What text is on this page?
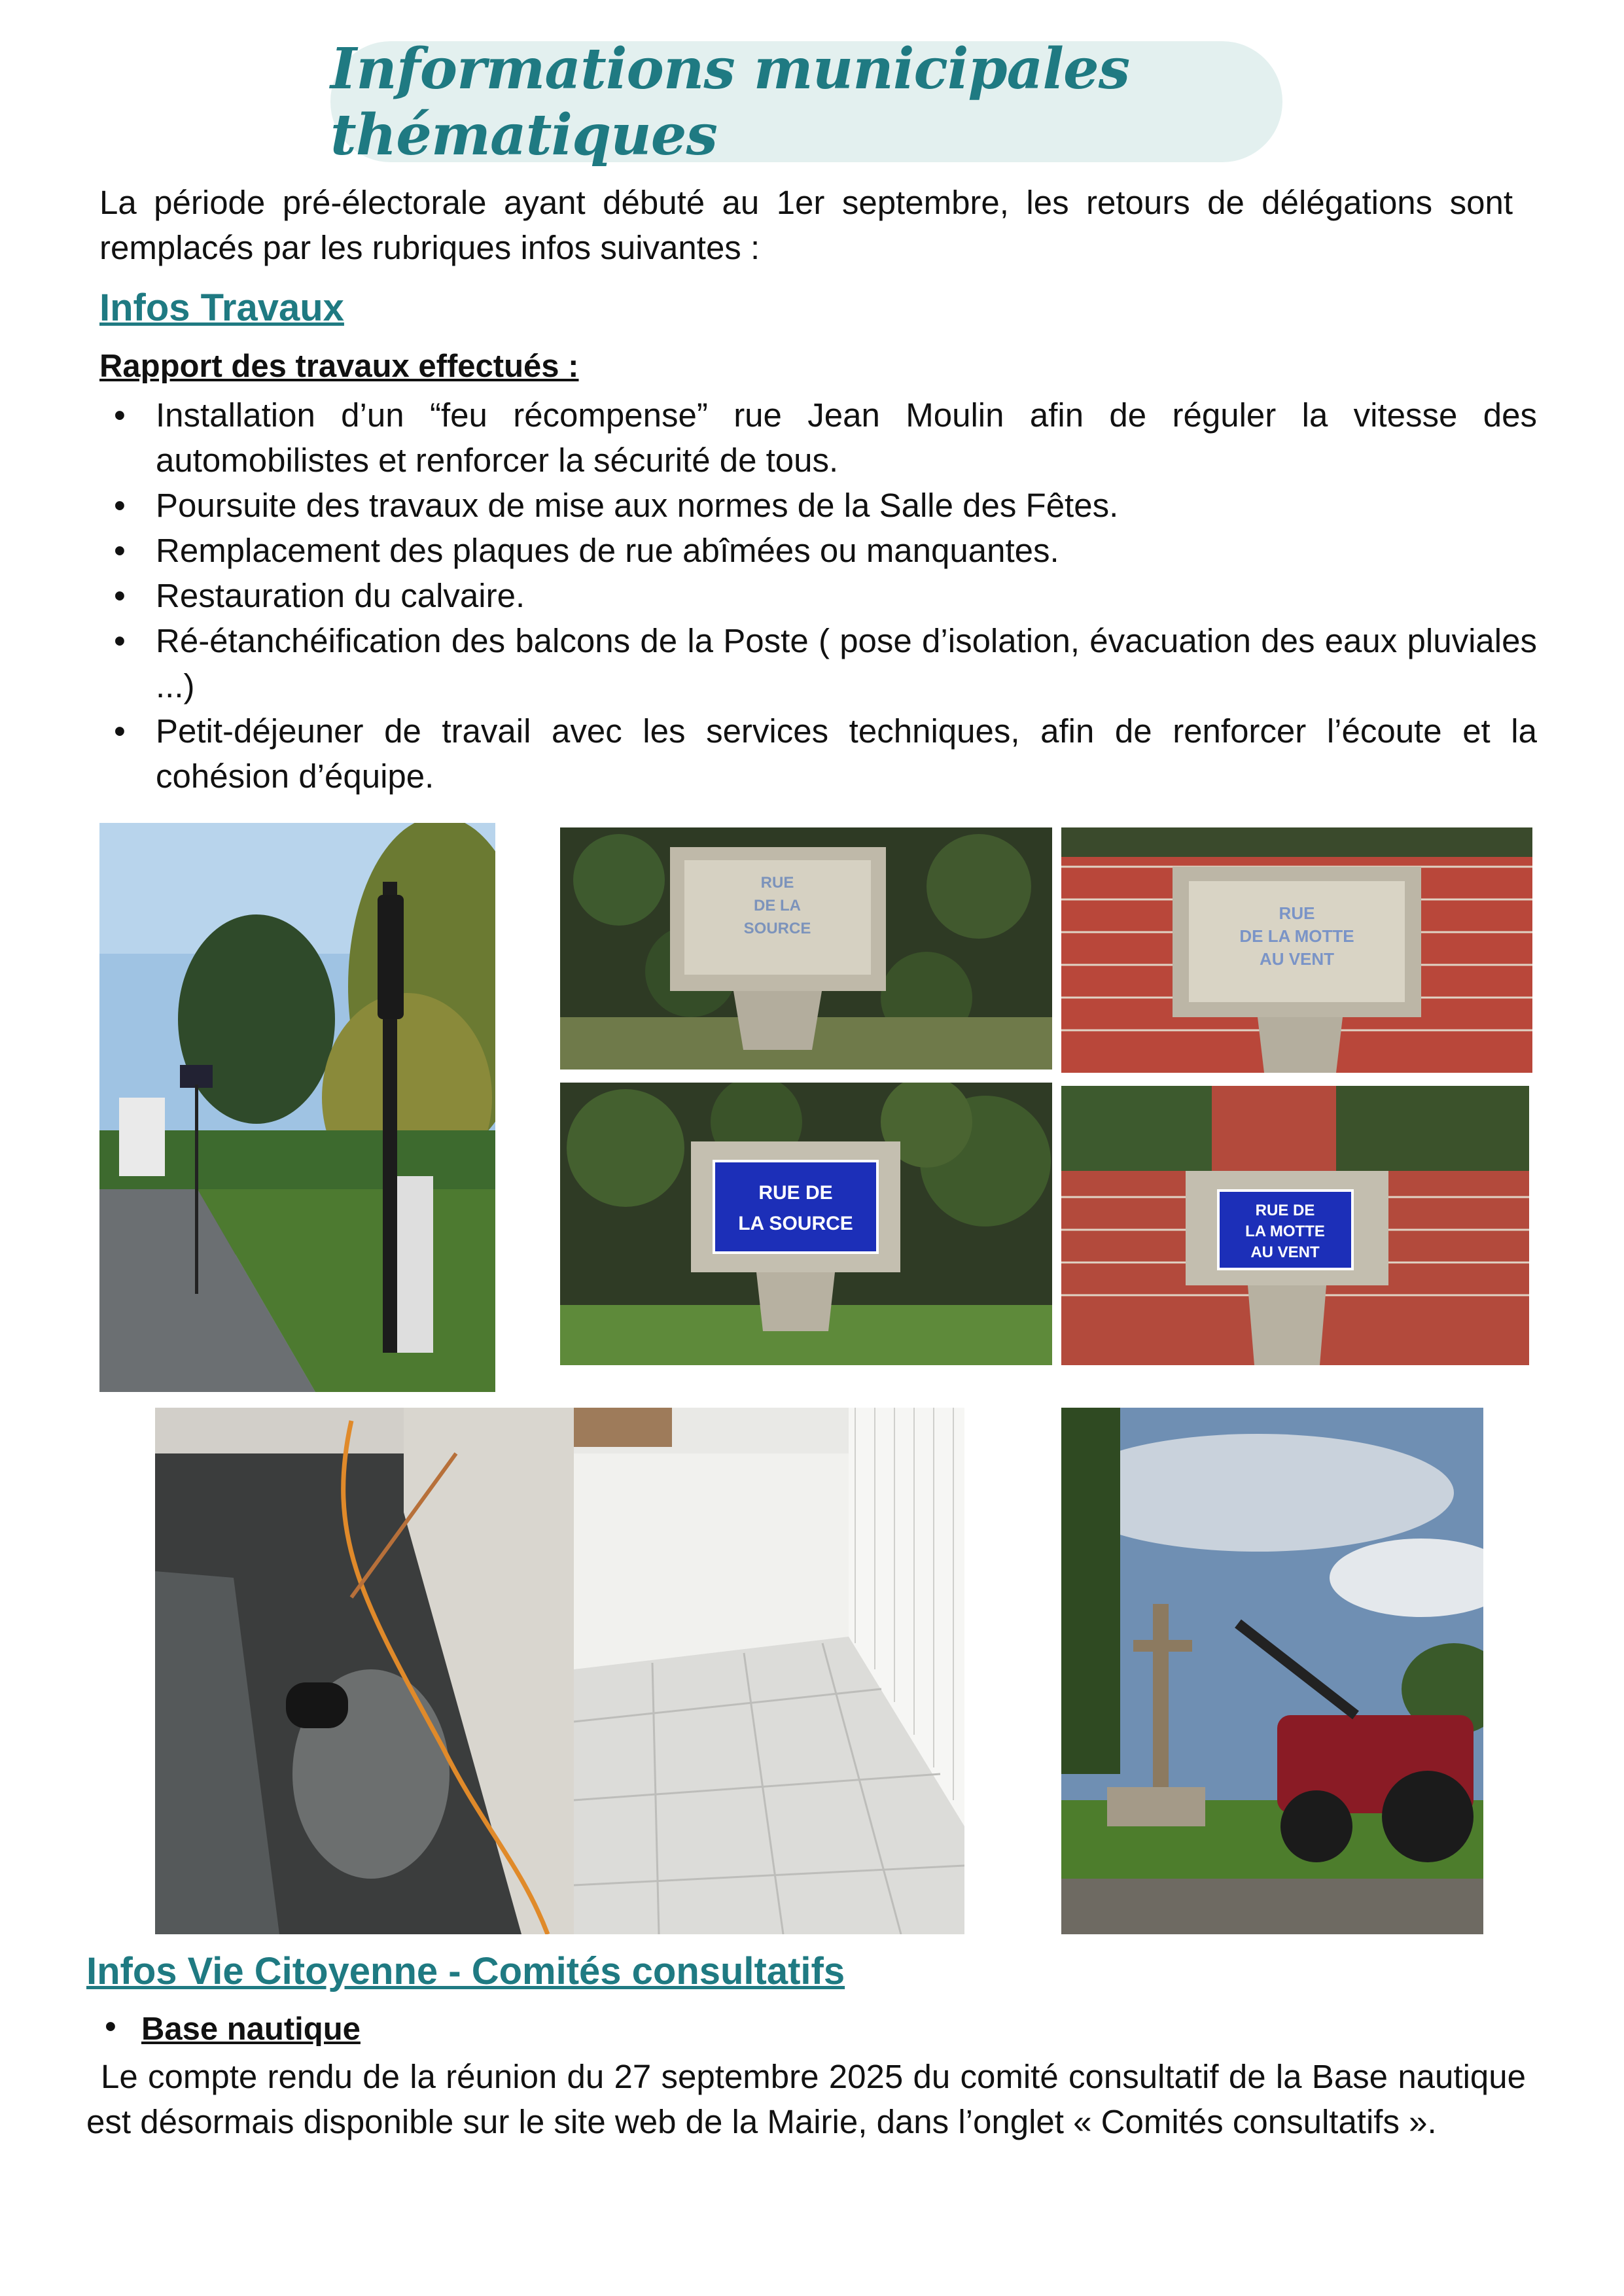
Informations municipales thématiques
La période pré-électorale ayant débuté au 1er septembre, les retours de délégations sont remplacés par les rubriques infos suivantes :
Infos Travaux
Rapport des travaux effectués :
• Installation d’un “feu récompense” rue Jean Moulin afin de réguler la vitesse des automobilistes et renforcer la sécurité de tous.
• Poursuite des travaux de mise aux normes de la Salle des Fêtes.
• Remplacement des plaques de rue abîmées ou manquantes.
• Restauration du calvaire.
• Ré-étanchéification des balcons de la Poste ( pose d’isolation, évacuation des eaux pluviales ...)
• Petit-déjeuner de travail avec les services techniques, afin de renforcer l’écoute et la cohésion d’équipe.
RUE
DE LA
SOURCE
RUE
DE LA MOTTE
AU VENT
RUE DE
LA SOURCE
RUE DE
LA MOTTE
AU VENT
Infos Vie Citoyenne - Comités consultatifs
• Base nautique
Le compte rendu de la réunion du 27 septembre 2025 du comité consultatif de la Base nautique est désormais disponible sur le site web de la Mairie, dans l’onglet « Comités consultatifs ».
